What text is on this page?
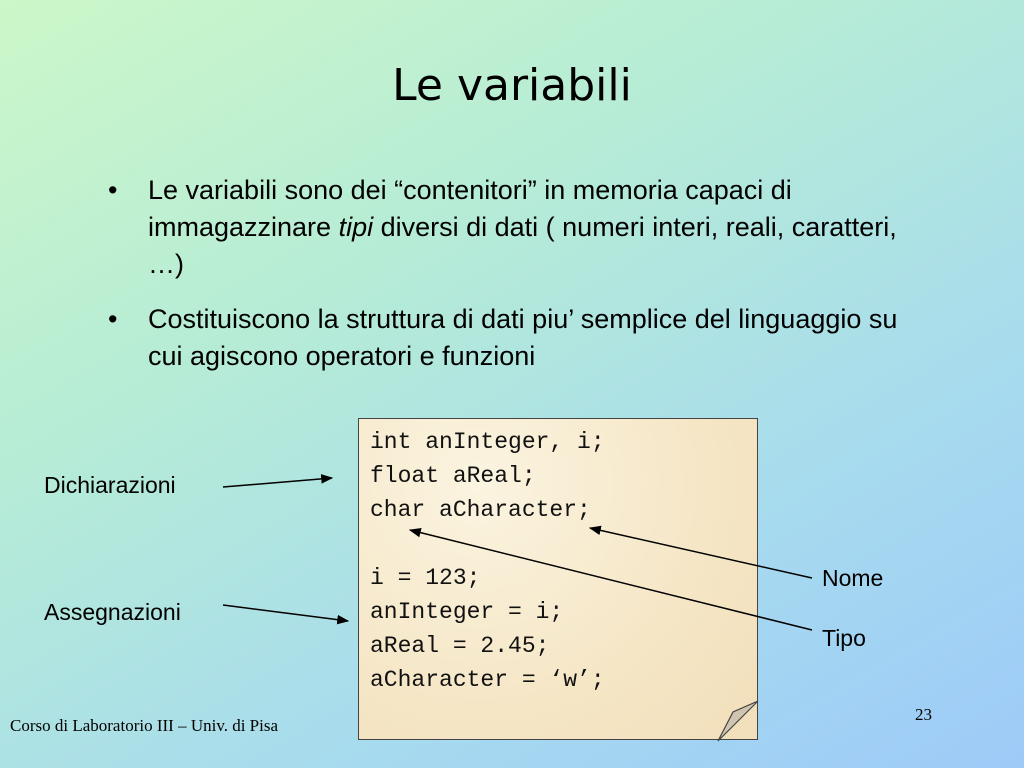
Le variabili
•	Le variabili sono dei “contenitori” in memoria capaci di immagazzinare tipi diversi di dati ( numeri interi, reali, caratteri, …)
•	Costituiscono la struttura di dati piu’ semplice del linguaggio su cui agiscono operatori e funzioni
int anInteger, i;
float aReal;
char aCharacter;
i = 123;
anInteger = i;
aReal = 2.45;
aCharacter = ‘w’;
Dichiarazioni
Assegnazioni
Nome
Tipo
Corso di Laboratorio III – Univ. di Pisa
23
